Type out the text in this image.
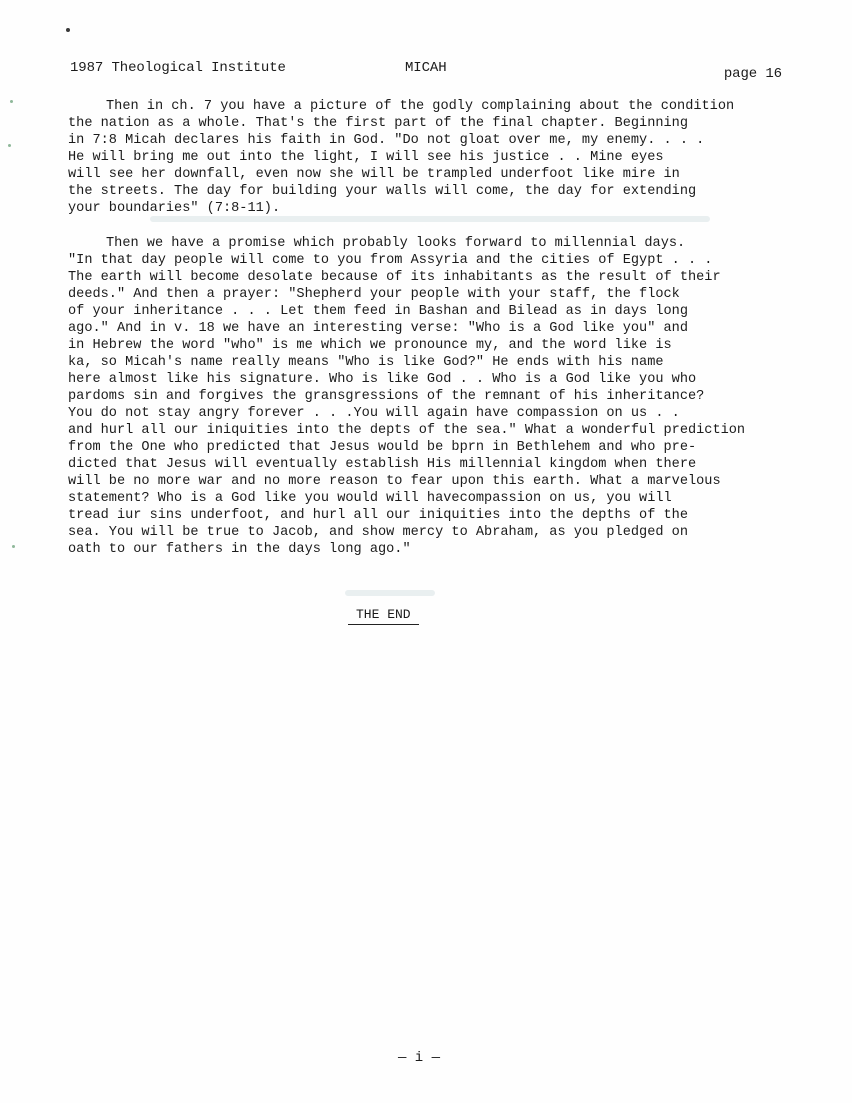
1987 Theological Institute	MICAH	page 16

Then in ch. 7 you have a picture of the godly complaining about the condition
the nation as a whole. That's the first part of the final chapter. Beginning
in 7:8 Micah declares his faith in God. "Do not gloat over me, my enemy. . . .
He will bring me out into the light, I will see his justice . . Mine eyes
will see her downfall, even now she will be trampled underfoot like mire in
the streets. The day for building your walls will come, the day for extending
your boundaries" (7:8-11).

Then we have a promise which probably looks forward to millennial days.
"In that day people will come to you from Assyria and the cities of Egypt . . .
The earth will become desolate because of its inhabitants as the result of their
deeds." And then a prayer: "Shepherd your people with your staff, the flock
of your inheritance . . . Let them feed in Bashan and Bilead as in days long
ago." And in v. 18 we have an interesting verse: "Who is a God like you" and
in Hebrew the word "who" is me which we pronounce my, and the word like is
ka, so Micah's name really means "Who is like God?" He ends with his name
here almost like his signature. Who is like God . . Who is a God like you who
pardoms sin and forgives the gransgressions of the remnant of his inheritance?
You do not stay angry forever . . .You will again have compassion on us . .
and hurl all our iniquities into the depts of the sea." What a wonderful prediction
from the One who predicted that Jesus would be bprn in Bethlehem and who pre-
dicted that Jesus will eventually establish His millennial kingdom when there
will be no more war and no more reason to fear upon this earth. What a marvelous
statement? Who is a God like you would will havecompassion on us, you will
tread iur sins underfoot, and hurl all our iniquities into the depths of the
sea. You will be true to Jacob, and show mercy to Abraham, as you pledged on
oath to our fathers in the days long ago."

THE END
— i —
